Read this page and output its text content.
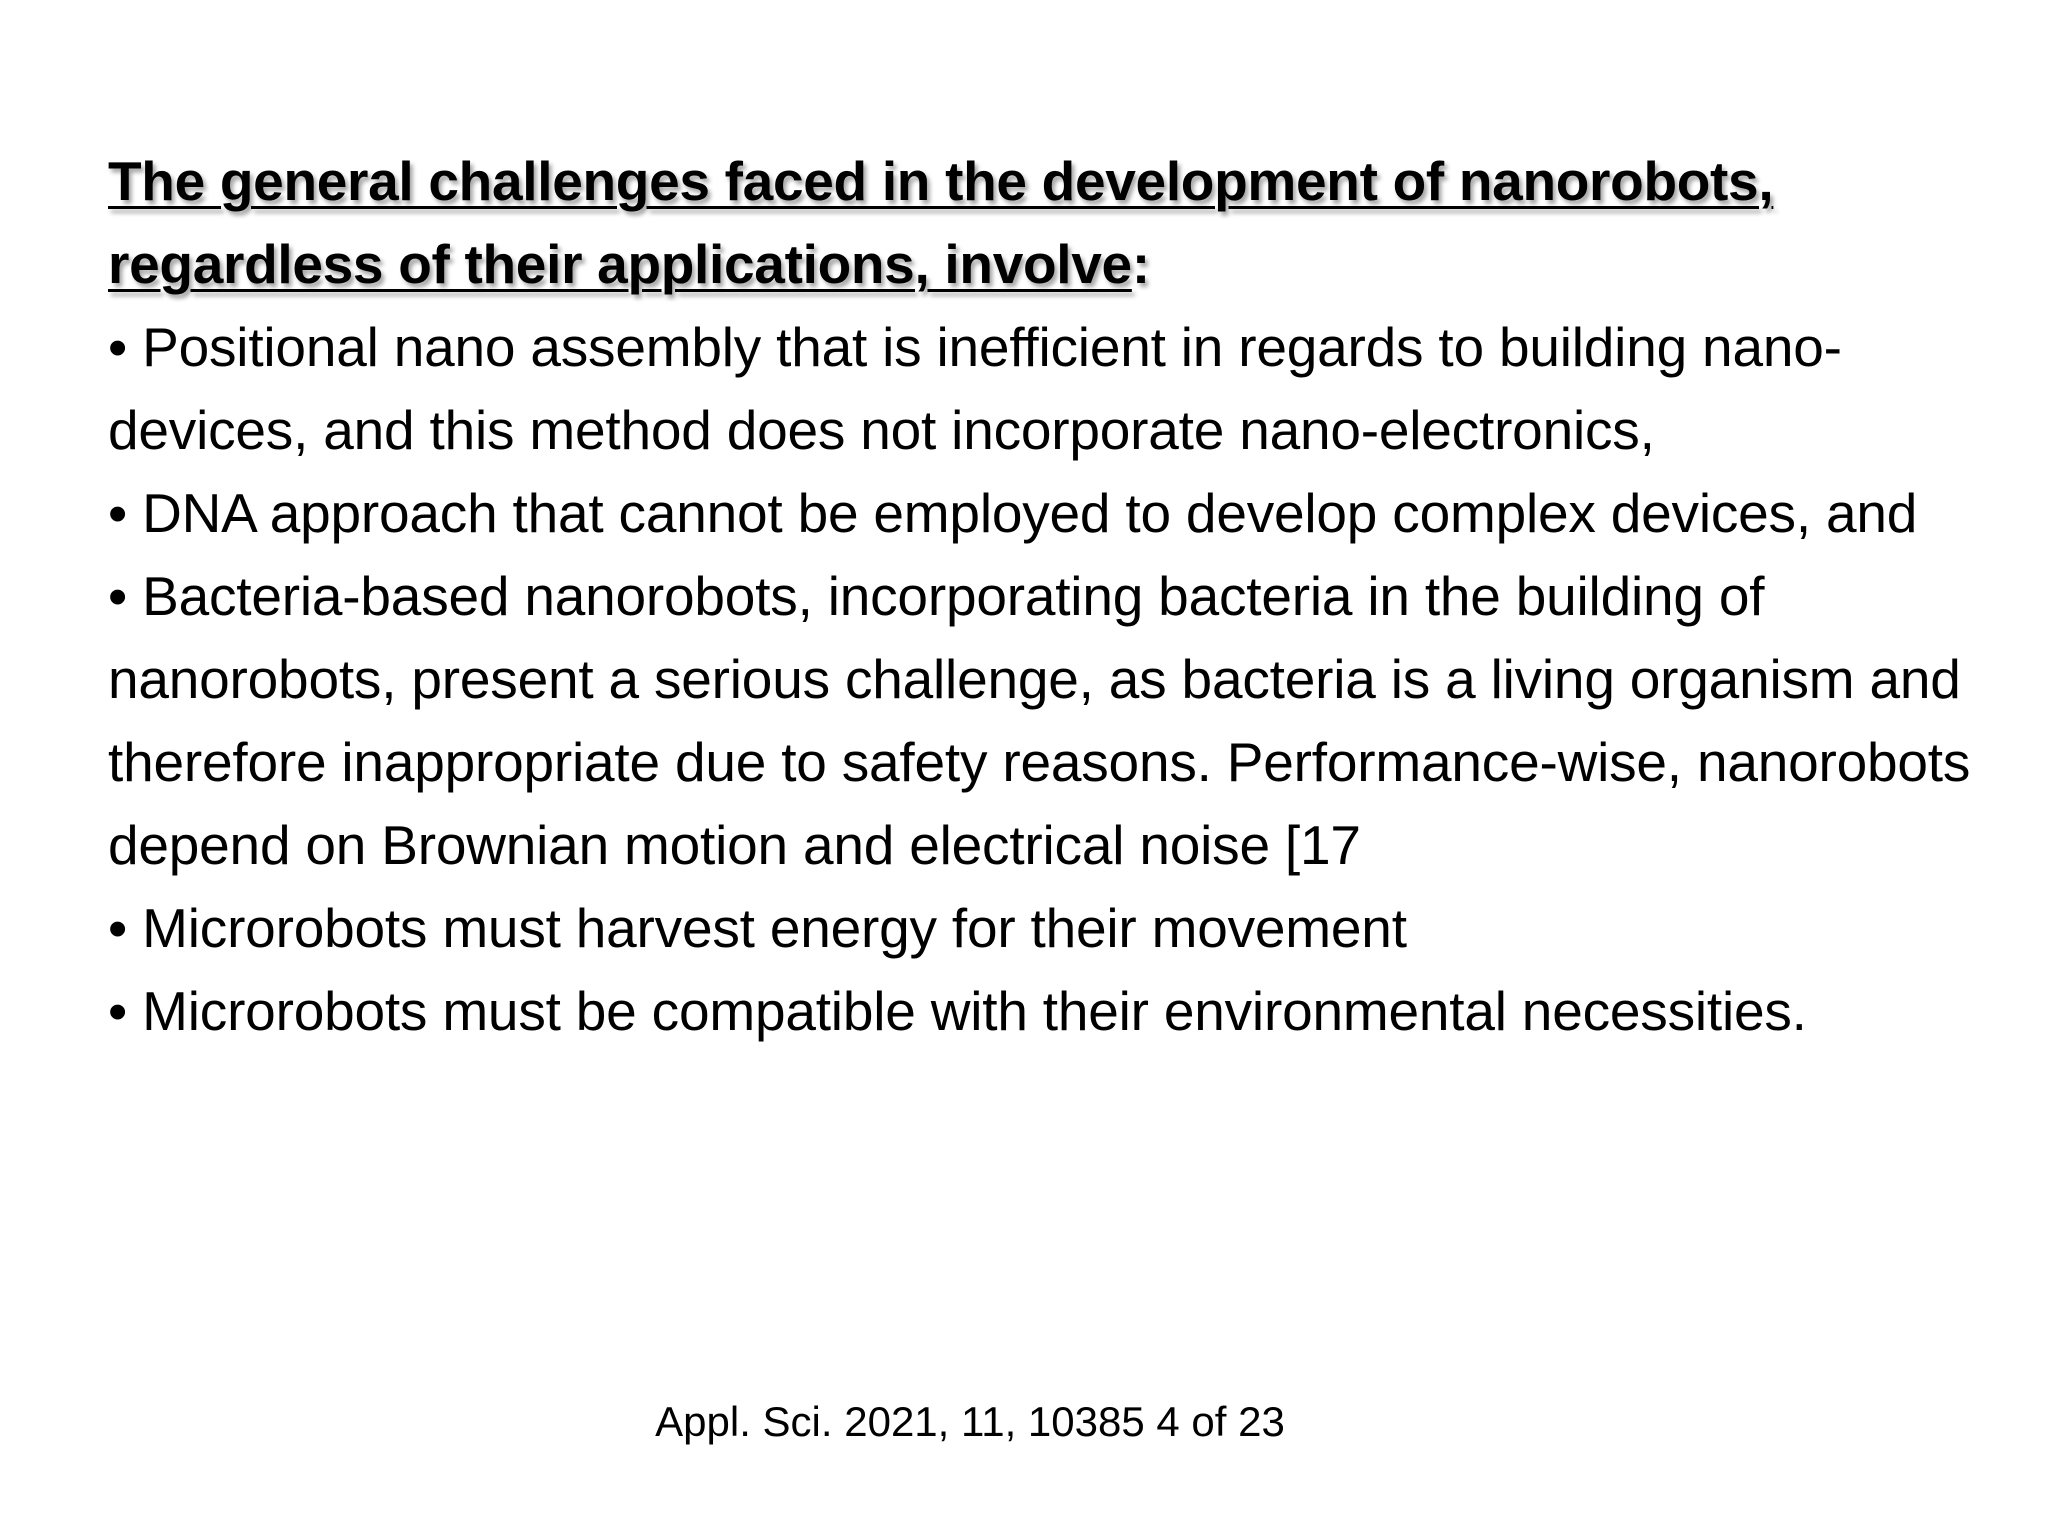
The general challenges faced in the development of nanorobots, regardless of their applications, involve:

• Positional nano assembly that is inefficient in regards to building nano-devices, and this method does not incorporate nano-electronics,

• DNA approach that cannot be employed to develop complex devices, and

• Bacteria-based nanorobots, incorporating bacteria in the building of nanorobots, present a serious challenge, as bacteria is a living organism and therefore inappropriate due to safety reasons. Performance-wise, nanorobots depend on Brownian motion and electrical noise [17

• Microrobots must harvest energy for their movement

• Microrobots must be compatible with their environmental necessities.

Appl. Sci. 2021, 11, 10385 4 of 23
